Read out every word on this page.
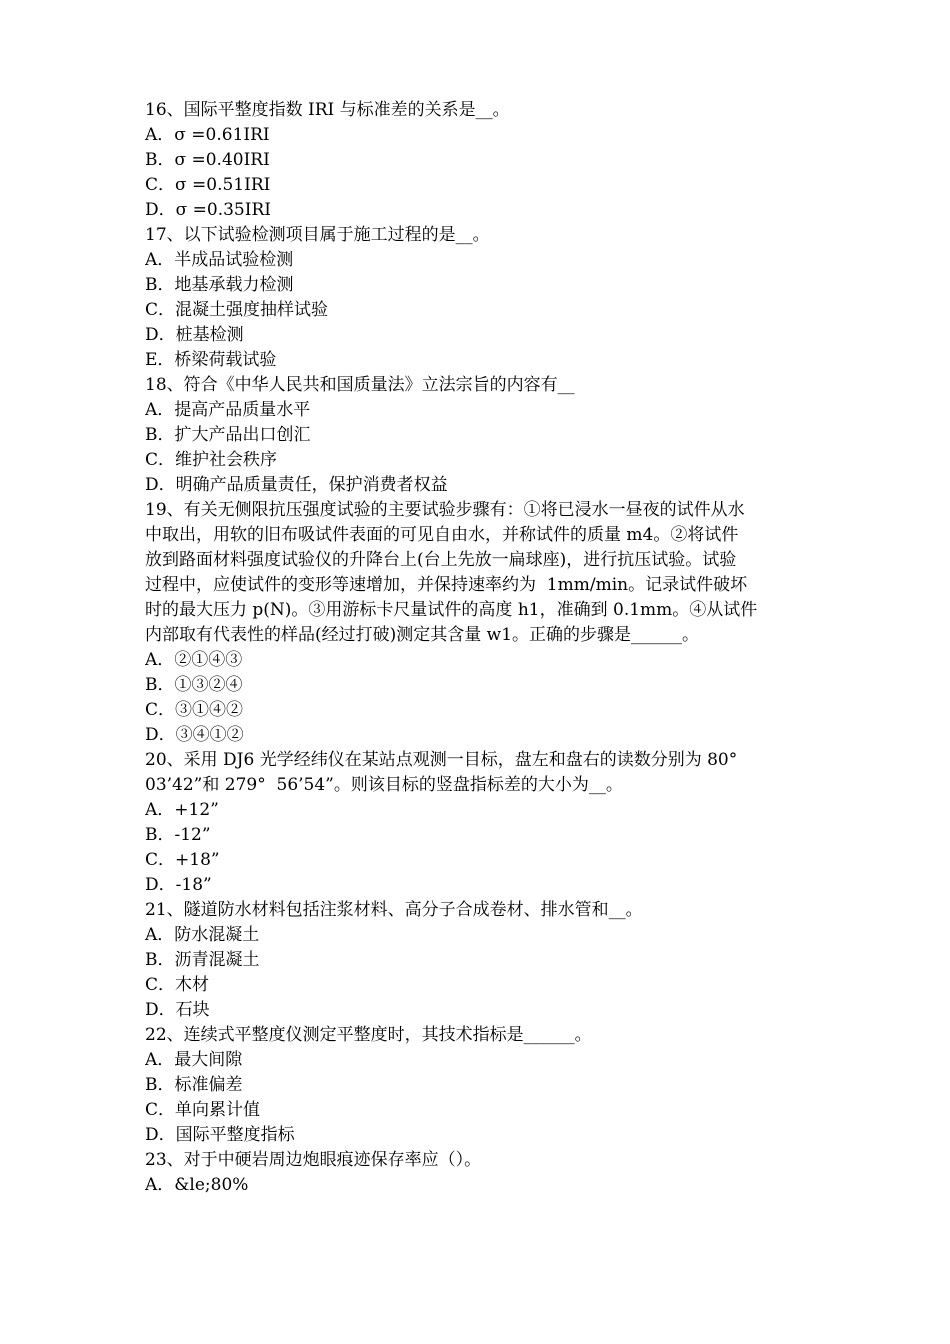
16、国际平整度指数 IRI 与标准差的关系是__。
A．σ =0.61IRI
B．σ =0.40IRI
C．σ =0.51IRI
D．σ =0.35IRI
17、以下试验检测项目属于施工过程的是__。
A．半成品试验检测
B．地基承载力检测
C．混凝土强度抽样试验
D．桩基检测
E．桥梁荷载试验
18、符合《中华人民共和国质量法》立法宗旨的内容有__
A．提高产品质量水平
B．扩大产品出口创汇
C．维护社会秩序
D．明确产品质量责任，保护消费者权益
19、有关无侧限抗压强度试验的主要试验步骤有：①将已浸水一昼夜的试件从水
中取出，用软的旧布吸试件表面的可见自由水，并称试件的质量 m4。②将试件
放到路面材料强度试验仪的升降台上(台上先放一扁球座)，进行抗压试验。试验
过程中，应使试件的变形等速增加，并保持速率约为  1mm/min。记录试件破坏
时的最大压力 p(N)。③用游标卡尺量试件的高度 h1，准确到 0.1mm。④从试件
内部取有代表性的样品(经过打破)测定其含量 w1。正确的步骤是______。
A．②①④③
B．①③②④
C．③①④②
D．③④①②
20、采用 DJ6 光学经纬仪在某站点观测一目标，盘左和盘右的读数分别为 80°
03’42”和 279°  56’54”。则该目标的竖盘指标差的大小为__。
A．+12”
B．-12”
C．+18”
D．-18”
21、隧道防水材料包括注浆材料、高分子合成卷材、排水管和__。
A．防水混凝土
B．沥青混凝土
C．木材
D．石块
22、连续式平整度仪测定平整度时，其技术指标是______。
A．最大间隙
B．标准偏差
C．单向累计值
D．国际平整度指标
23、对于中硬岩周边炮眼痕迹保存率应（）。
A．&le;80%
